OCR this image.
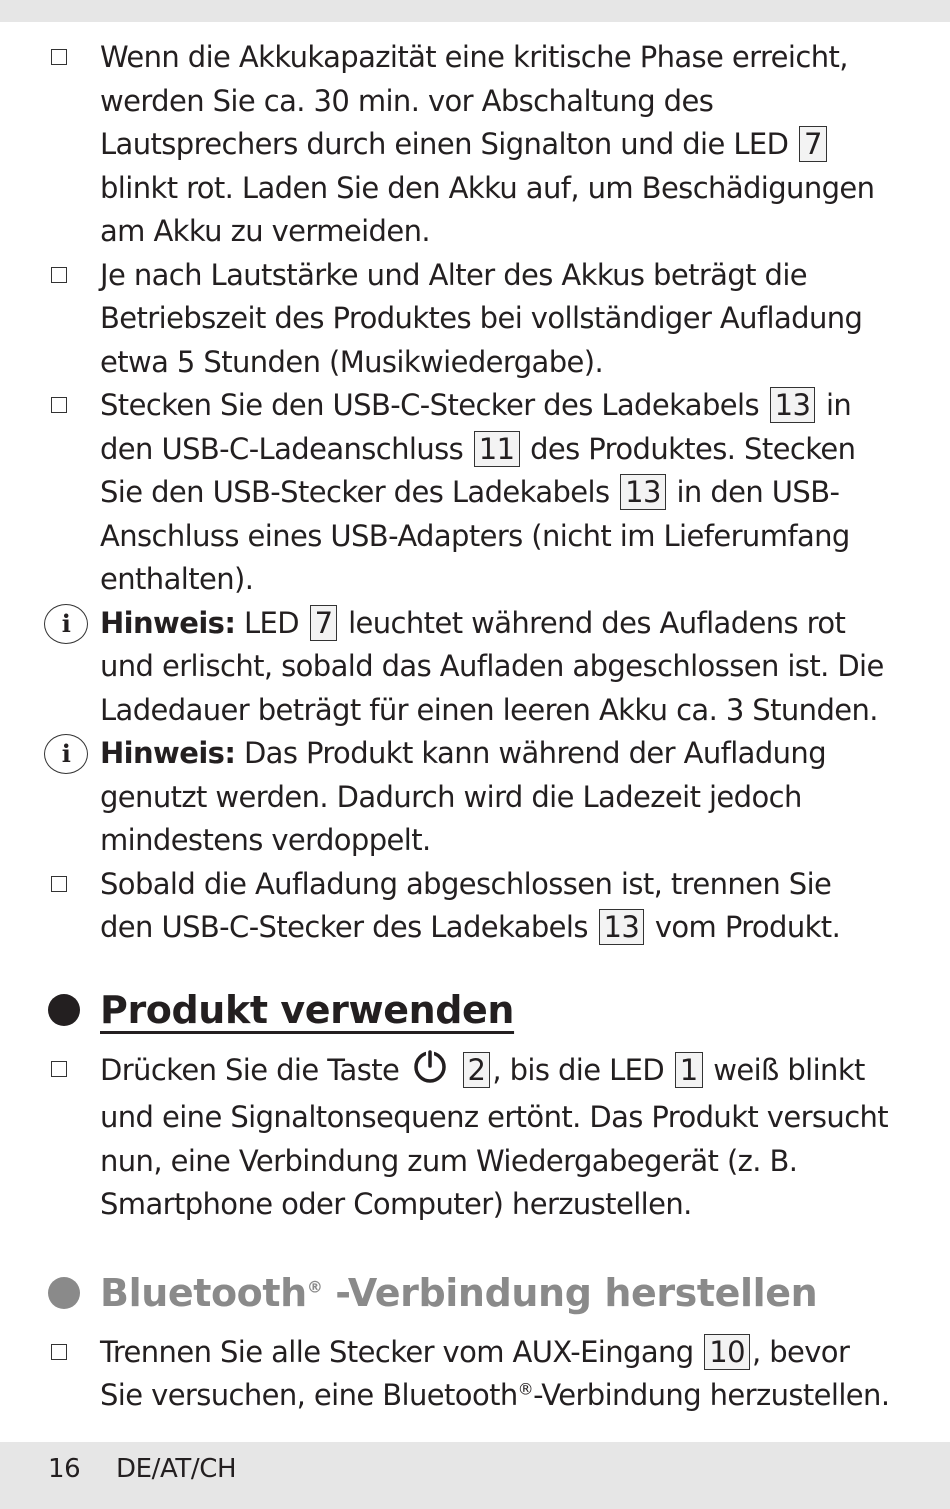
Wenn die Akkukapazität eine kritische Phase erreicht, werden Sie ca. 30 min. vor Abschaltung des Lautsprechers durch einen Signalton und die LED 7 blinkt rot. Laden Sie den Akku auf, um Beschädigungen am Akku zu vermeiden.
Je nach Lautstärke und Alter des Akkus beträgt die Betriebszeit des Produktes bei vollständiger Aufladung etwa 5 Stunden (Musikwiedergabe).
Stecken Sie den USB-C-Stecker des Ladekabels 13 in den USB-C-Ladeanschluss 11 des Produktes. Stecken Sie den USB-Stecker des Ladekabels 13 in den USB-Anschluss eines USB-Adapters (nicht im Lieferumfang enthalten).
i	Hinweis: LED 7 leuchtet während des Aufladens rot und erlischt, sobald das Aufladen abgeschlossen ist. Die Ladedauer beträgt für einen leeren Akku ca. 3 Stunden.
i	Hinweis: Das Produkt kann während der Aufladung genutzt werden. Dadurch wird die Ladezeit jedoch mindestens verdoppelt.
Sobald die Aufladung abgeschlossen ist, trennen Sie den USB-C-Stecker des Ladekabels 13 vom Produkt.
Produkt verwenden
Drücken Sie die Taste 2 , bis die LED 1 weiß blinkt und eine Signaltonsequenz ertönt. Das Produkt versucht nun, eine Verbindung zum Wiedergabegerät (z. B. Smartphone oder Computer) herzustellen.
Bluetooth® -Verbindung herstellen
Trennen Sie alle Stecker vom AUX-Eingang 10 , bevor Sie versuchen, eine Bluetooth®-Verbindung herzustellen.
16 DE/AT/CH
